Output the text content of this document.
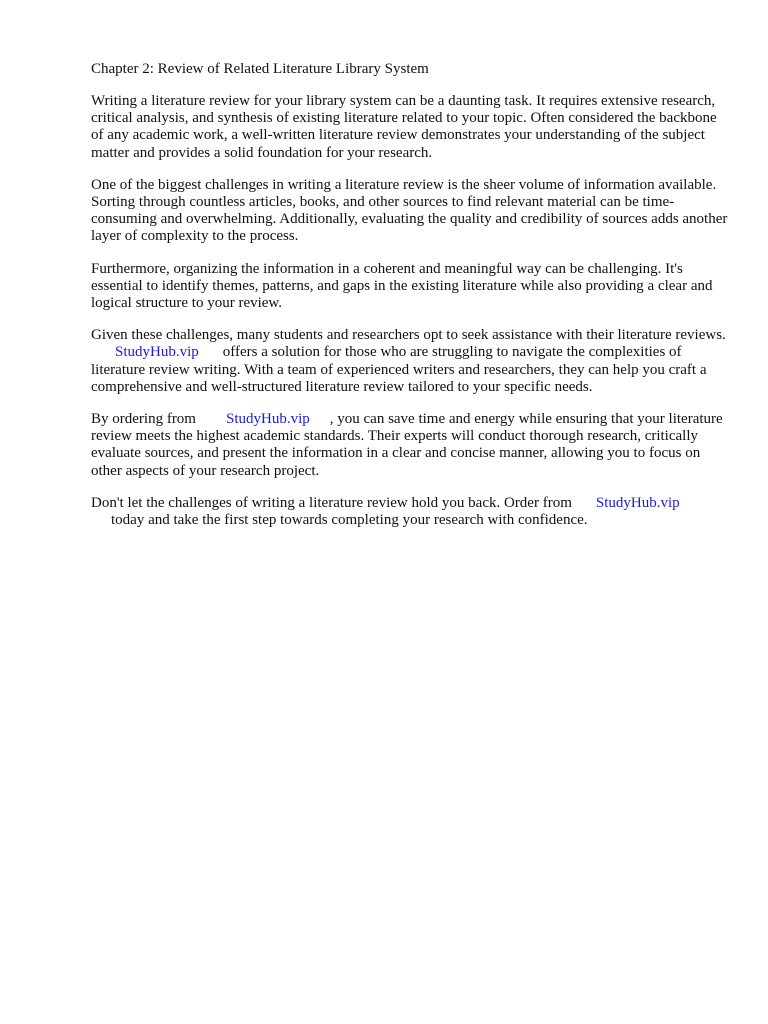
Chapter 2: Review of Related Literature Library System

Writing a literature review for your library system can be a daunting task. It requires extensive research, critical analysis, and synthesis of existing literature related to your topic. Often considered the backbone of any academic work, a well-written literature review demonstrates your understanding of the subject matter and provides a solid foundation for your research.

One of the biggest challenges in writing a literature review is the sheer volume of information available. Sorting through countless articles, books, and other sources to find relevant material can be time-consuming and overwhelming. Additionally, evaluating the quality and credibility of sources adds another layer of complexity to the process.

Furthermore, organizing the information in a coherent and meaningful way can be challenging. It's essential to identify themes, patterns, and gaps in the existing literature while also providing a clear and logical structure to your review.

Given these challenges, many students and researchers opt to seek assistance with their literature reviews.StudyHub.vip offers a solution for those who are struggling to navigate the complexities of literature review writing. With a team of experienced writers and researchers, they can help you craft a comprehensive and well-structured literature review tailored to your specific needs.

By ordering from StudyHub.vip , you can save time and energy while ensuring that your literature review meets the highest academic standards. Their experts will conduct thorough research, critically evaluate sources, and present the information in a clear and concise manner, allowing you to focus on other aspects of your research project.

Don't let the challenges of writing a literature review hold you back. Order from StudyHub.vip
today and take the first step towards completing your research with confidence.
